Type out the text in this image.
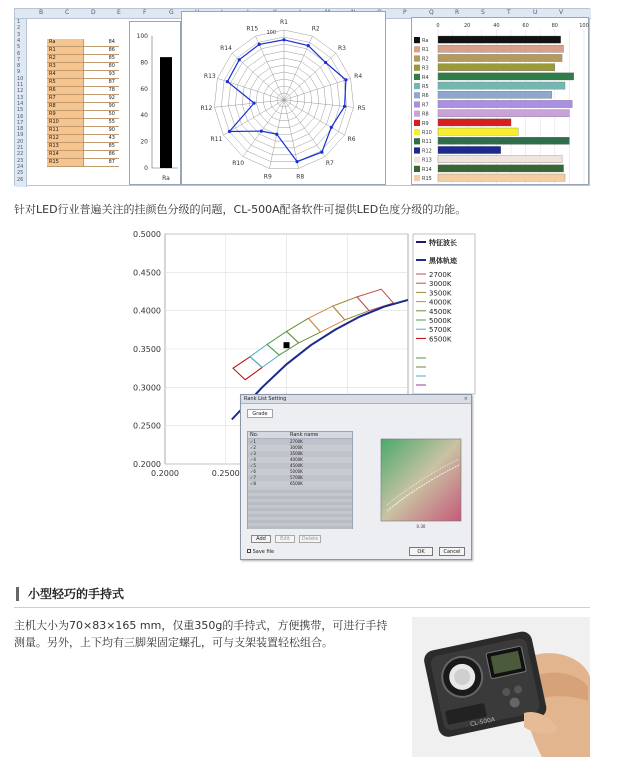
B	C	D	E	F	G	P	Q	R	S	T	U	V
1
2
3
4
5
6
7
8
9
10
11
12
13
14
15
16
17
18
19
20
21
22
23
24
25
26
Ra	84
R1	86
R2	85
R3	80
R4	93
R5	87
R6	78
R7	92
R8	90
R9	50
R10	55
R11	90
R12	43
R13	85
R14	86
R15	87
0
20
40
60
80
100
Ra
R1
R2
R3
R4
R5
R6
R7
R8
R9
R10
R11
R12
R13
R14
R15
100
0	20	40	60	80	100
Ra
R1
R2
R3
R4
R5
R6
R7
R8
R9
R10
R11
R12
R13
R14
R15
针对LED行业普遍关注的挂颜色分级的问题，CL-500A配备软件可提供LED色度分级的功能。
0.2000
0.2500
0.3000
0.3500
0.4000
0.4500
0.5000
0.2000	0.2500
特征波长
黑体轨迹
2700K
3000K
3500K
4000K
4500K
5000K
5700K
6500K
Rank List Setting	×
Grade
No.	Rank name
✓1	2700K
✓2	3000K
✓3	3500K
✓4	4000K
✓5	4500K
✓6	5000K
✓7	5700K
✓8	6500K
Add	Edit	Delete
Save file	OK	Cancel
0.30
小型轻巧的手持式
主机大小为70×83×165 mm，仅重350g的手持式，方便携带，可进行手持测量。另外，上下均有三脚架固定螺孔，可与支架装置轻松组合。
CL-500A
